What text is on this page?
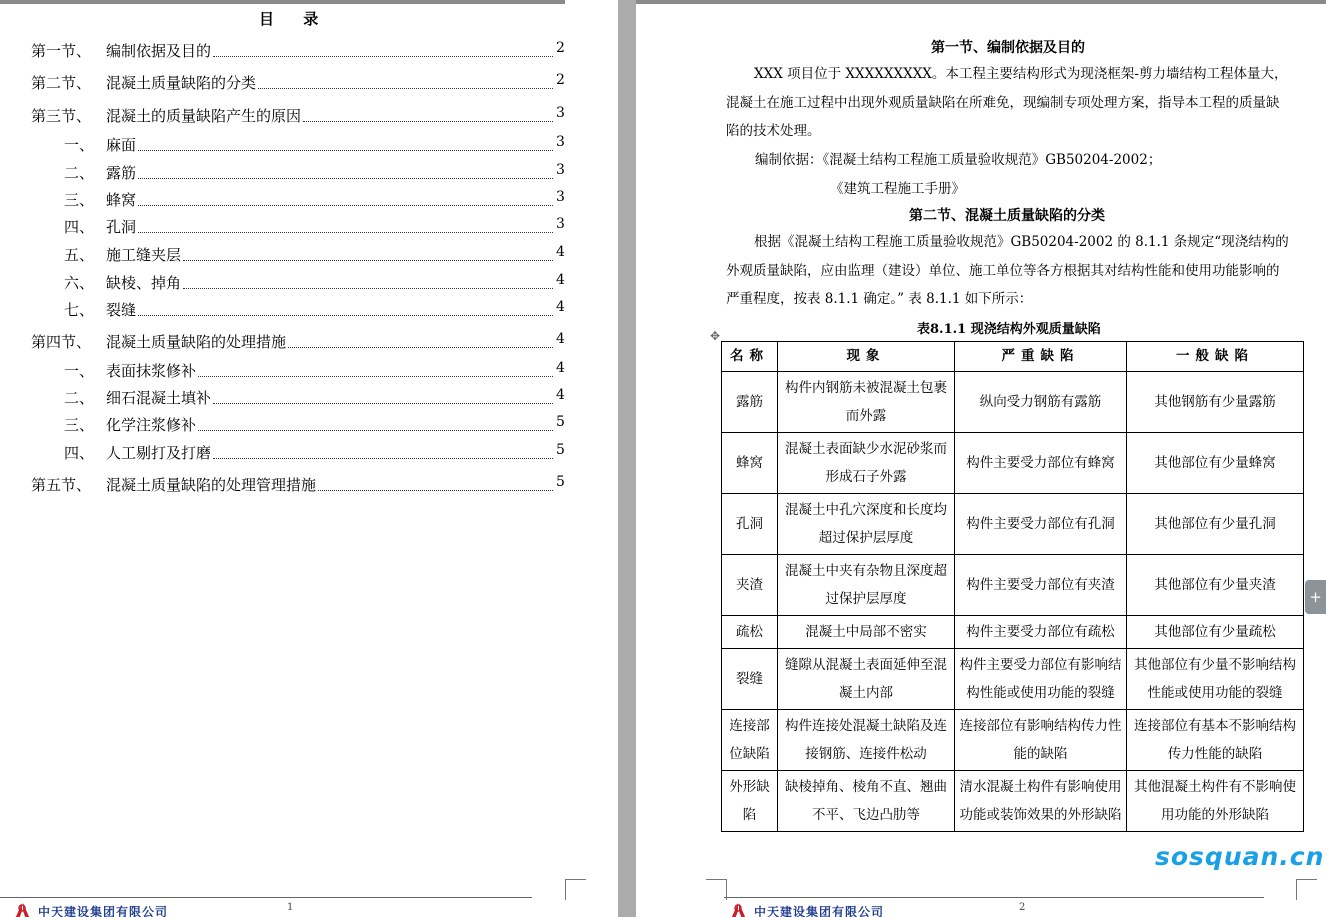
目 录
第一节、 编制依据及目的	2
第二节、 混凝土质量缺陷的分类	2
第三节、 混凝土的质量缺陷产生的原因	3
一、 麻面	3
二、 露筋	3
三、 蜂窝	3
四、 孔洞	3
五、 施工缝夹层	4
六、 缺棱、掉角	4
七、 裂缝	4
第四节、 混凝土质量缺陷的处理措施	4
一、 表面抹浆修补	4
二、 细石混凝土填补	4
三、 化学注浆修补	5
四、 人工剔打及打磨	5
第五节、 混凝土质量缺陷的处理管理措施	5
中天建设集团有限公司	1
第一节、编制依据及目的
XXX 项目位于 XXXXXXXXX。本工程主要结构形式为现浇框架-剪力墙结构工程体量大，混凝土在施工过程中出现外观质量缺陷在所难免，现编制专项处理方案，指导本工程的质量缺陷的技术处理。
编制依据：《混凝土结构工程施工质量验收规范》GB50204-2002；
《建筑工程施工手册》
第二节、混凝土质量缺陷的分类
根据《混凝土结构工程施工质量验收规范》GB50204-2002 的 8.1.1 条规定“现浇结构的外观质量缺陷，应由监理（建设）单位、施工单位等各方根据其对结构性能和使用功能影响的严重程度，按表 8.1.1 确定。” 表 8.1.1 如下所示：
表8.1.1 现浇结构外观质量缺陷
✥
名称	现象	严重缺陷	一般缺陷
露筋	构件内钢筋未被混凝土包裹而外露	纵向受力钢筋有露筋	其他钢筋有少量露筋
蜂窝	混凝土表面缺少水泥砂浆而形成石子外露	构件主要受力部位有蜂窝	其他部位有少量蜂窝
孔洞	混凝土中孔穴深度和长度均超过保护层厚度	构件主要受力部位有孔洞	其他部位有少量孔洞
夹渣	混凝土中夹有杂物且深度超过保护层厚度	构件主要受力部位有夹渣	其他部位有少量夹渣
疏松	混凝土中局部不密实	构件主要受力部位有疏松	其他部位有少量疏松
裂缝	缝隙从混凝土表面延伸至混凝土内部	构件主要受力部位有影响结构性能或使用功能的裂缝	其他部位有少量不影响结构性能或使用功能的裂缝
连接部位缺陷	构件连接处混凝土缺陷及连接钢筋、连接件松动	连接部位有影响结构传力性能的缺陷	连接部位有基本不影响结构传力性能的缺陷
外形缺陷	缺棱掉角、棱角不直、翘曲不平、飞边凸肋等	清水混凝土构件有影响使用功能或装饰效果的外形缺陷	其他混凝土构件有不影响使用功能的外形缺陷
中天建设集团有限公司	2
+
sosquan.cn
